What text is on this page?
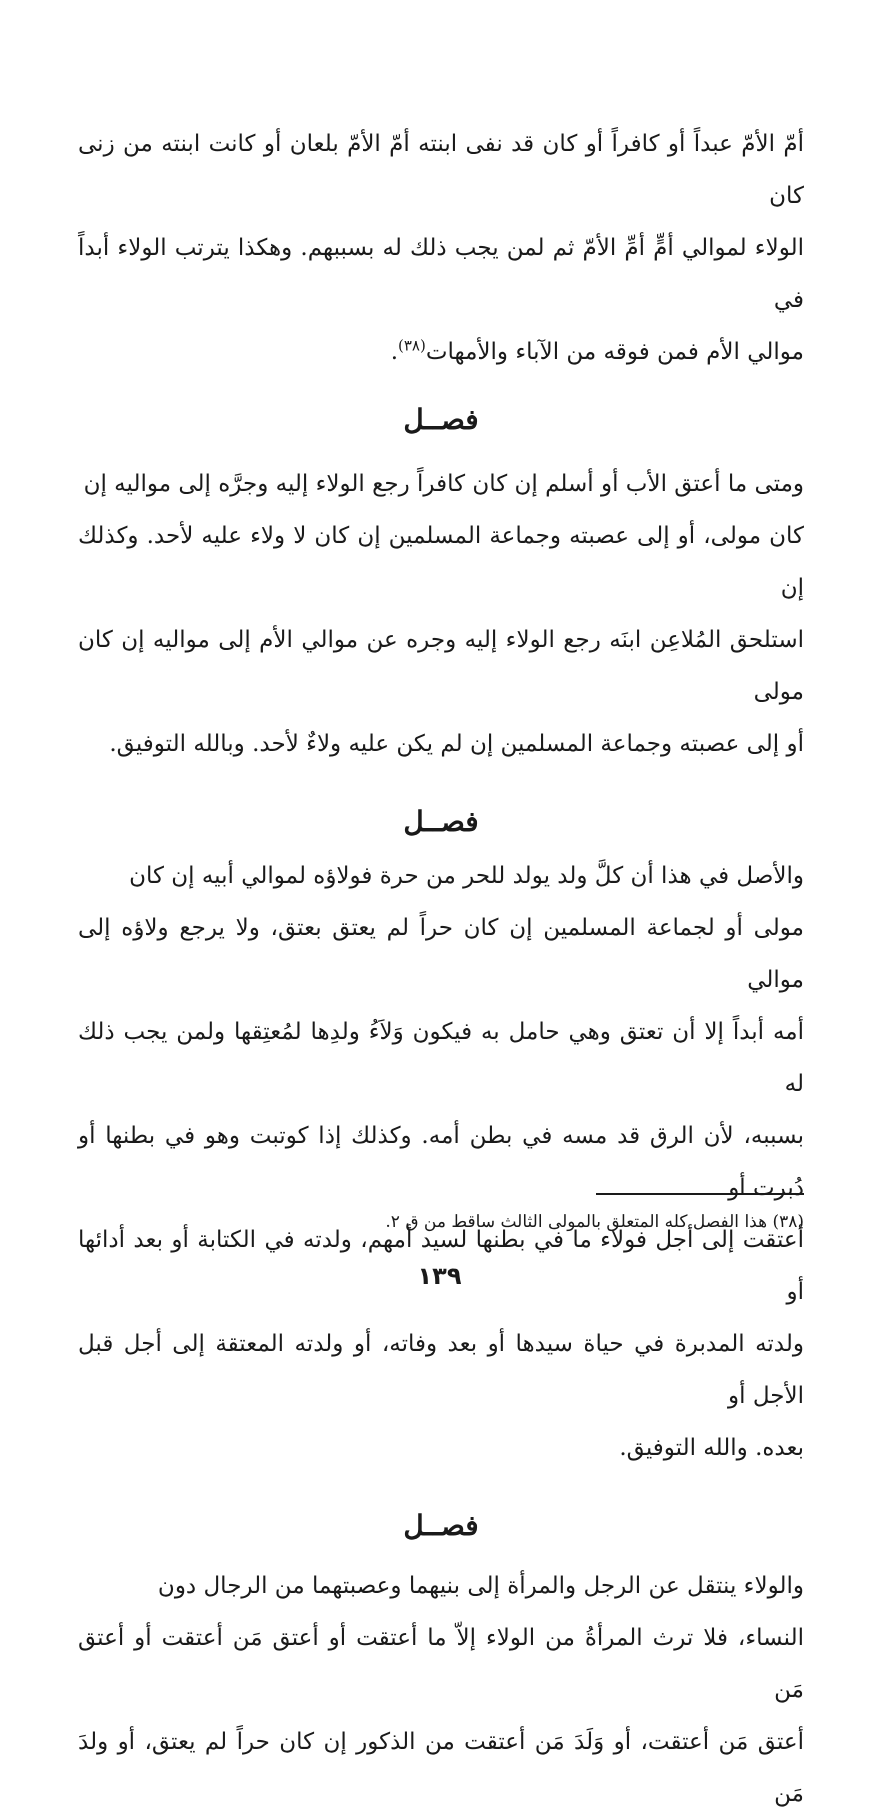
أمّ الأمّ عبداً أو كافراً أو كان قد نفى ابنته أمّ الأمّ بلعان أو كانت ابنته من زنى كان
الولاء لموالي أمٍّ أمِّ الأمّ ثم لمن يجب ذلك له بسببهم. وهكذا يترتب الولاء أبداً في
موالي الأم فمن فوقه من الآباء والأمهات$^{(٣٨)}$.

فصــل

ومتى ما أعتق الأب أو أسلم إن كان كافراً رجع الولاء إليه وجرَّه إلى مواليه إن
كان مولى، أو إلى عصبته وجماعة المسلمين إن كان لا ولاء عليه لأحد. وكذلك إن
استلحق المُلاعِن ابنَه رجع الولاء إليه وجره عن موالي الأم إلى مواليه إن كان مولى
أو إلى عصبته وجماعة المسلمين إن لم يكن عليه ولاءٌ لأحد. وبالله التوفيق.

فصــل

والأصل في هذا أن كلَّ ولد يولد للحر من حرة فولاؤه لموالي أبيه إن كان
مولى أو لجماعة المسلمين إن كان حراً لم يعتق بعتق، ولا يرجع ولاؤه إلى موالي
أمه أبداً إلا أن تعتق وهي حامل به فيكون وَلاَءُ ولدِها لمُعتِقها ولمن يجب ذلك له
بسببه، لأن الرق قد مسه في بطن أمه. وكذلك إذا كوتبت وهو في بطنها أو دُبرت أو
أعتقت إلى أجل فولاء ما في بطنها لسيد أمهم، ولدته في الكتابة أو بعد أدائها أو
ولدته المدبرة في حياة سيدها أو بعد وفاته، أو ولدته المعتقة إلى أجل قبل الأجل أو
بعده. والله التوفيق.

فصــل

والولاء ينتقل عن الرجل والمرأة إلى بنيهما وعصبتهما من الرجال دون
النساء، فلا ترث المرأةُ من الولاء إلاّ ما أعتقت أو أعتق مَن أعتقت أو أعتق مَن
أعتق مَن أعتقت، أو وَلَدَ مَن أعتقت من الذكور إن كان حراً لم يعتق، أو ولدَ مَن

(٣٨) هذا الفصل كله المتعلق بالمولى الثالث ساقط من ق ٢.
١٣٩
